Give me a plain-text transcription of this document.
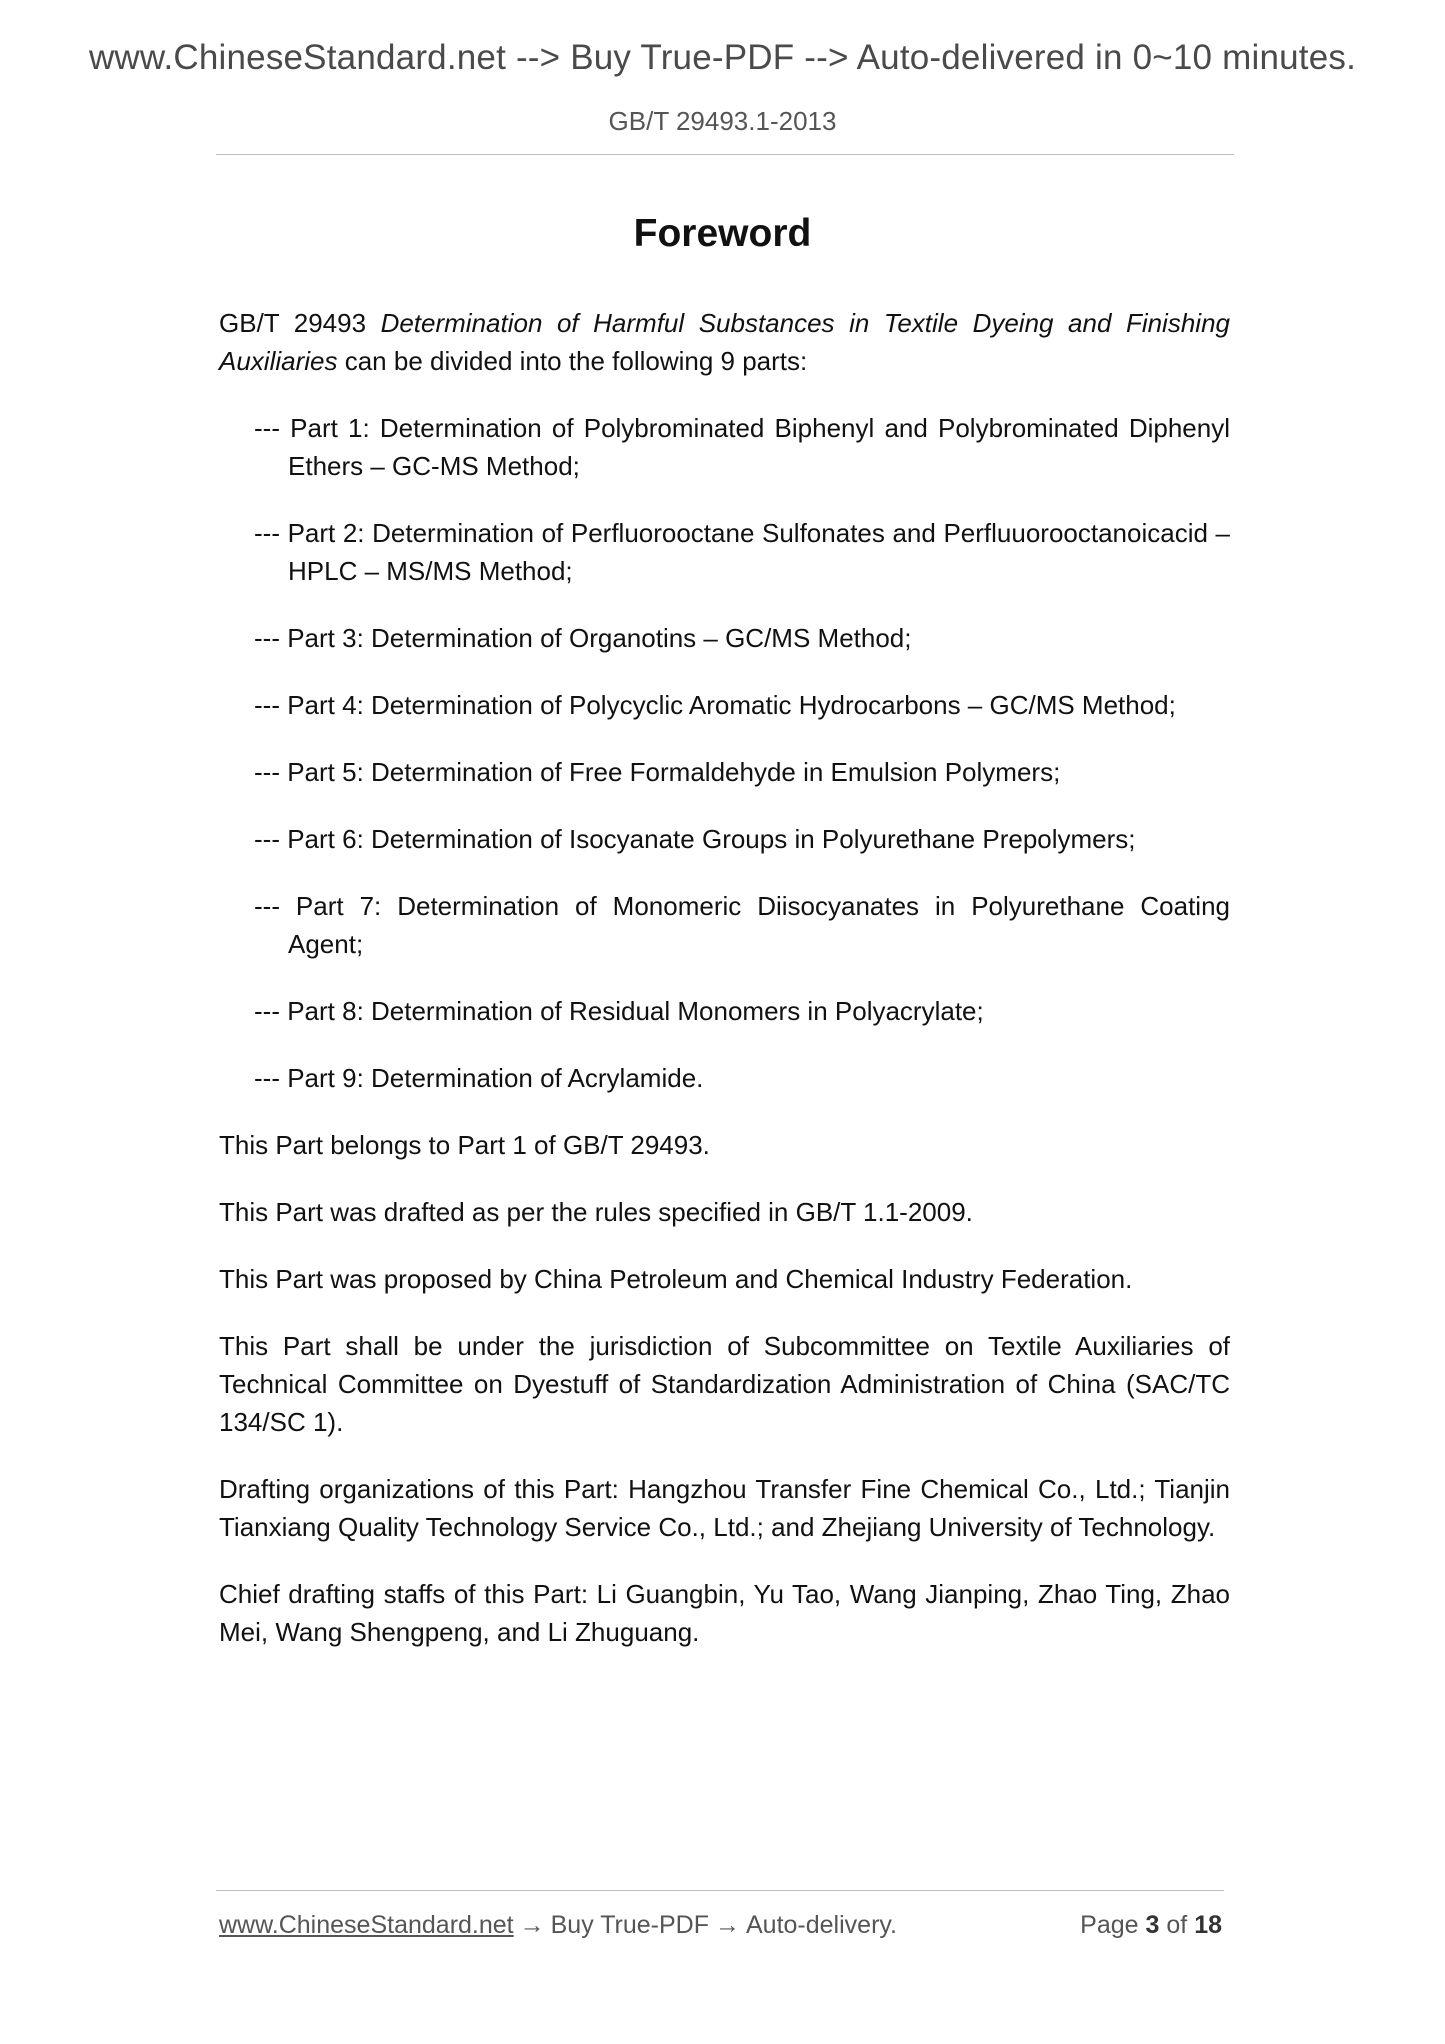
www.ChineseStandard.net --> Buy True-PDF --> Auto-delivered in 0~10 minutes.
GB/T 29493.1-2013
Foreword

GB/T 29493 Determination of Harmful Substances in Textile Dyeing and Finishing Auxiliaries can be divided into the following 9 parts:

--- Part 1: Determination of Polybrominated Biphenyl and Polybrominated Diphenyl Ethers – GC-MS Method;
--- Part 2: Determination of Perfluorooctane Sulfonates and Perfluuorooctanoicacid – HPLC – MS/MS Method;
--- Part 3: Determination of Organotins – GC/MS Method;
--- Part 4: Determination of Polycyclic Aromatic Hydrocarbons – GC/MS Method;
--- Part 5: Determination of Free Formaldehyde in Emulsion Polymers;
--- Part 6: Determination of Isocyanate Groups in Polyurethane Prepolymers;
--- Part 7: Determination of Monomeric Diisocyanates in Polyurethane Coating Agent;
--- Part 8: Determination of Residual Monomers in Polyacrylate;
--- Part 9: Determination of Acrylamide.

This Part belongs to Part 1 of GB/T 29493.

This Part was drafted as per the rules specified in GB/T 1.1-2009.

This Part was proposed by China Petroleum and Chemical Industry Federation.

This Part shall be under the jurisdiction of Subcommittee on Textile Auxiliaries of Technical Committee on Dyestuff of Standardization Administration of China (SAC/TC 134/SC 1).

Drafting organizations of this Part: Hangzhou Transfer Fine Chemical Co., Ltd.; Tianjin Tianxiang Quality Technology Service Co., Ltd.; and Zhejiang University of Technology.

Chief drafting staffs of this Part: Li Guangbin, Yu Tao, Wang Jianping, Zhao Ting, Zhao Mei, Wang Shengpeng, and Li Zhuguang.

www.ChineseStandard.net → Buy True-PDF → Auto-delivery.	Page 3 of 18
